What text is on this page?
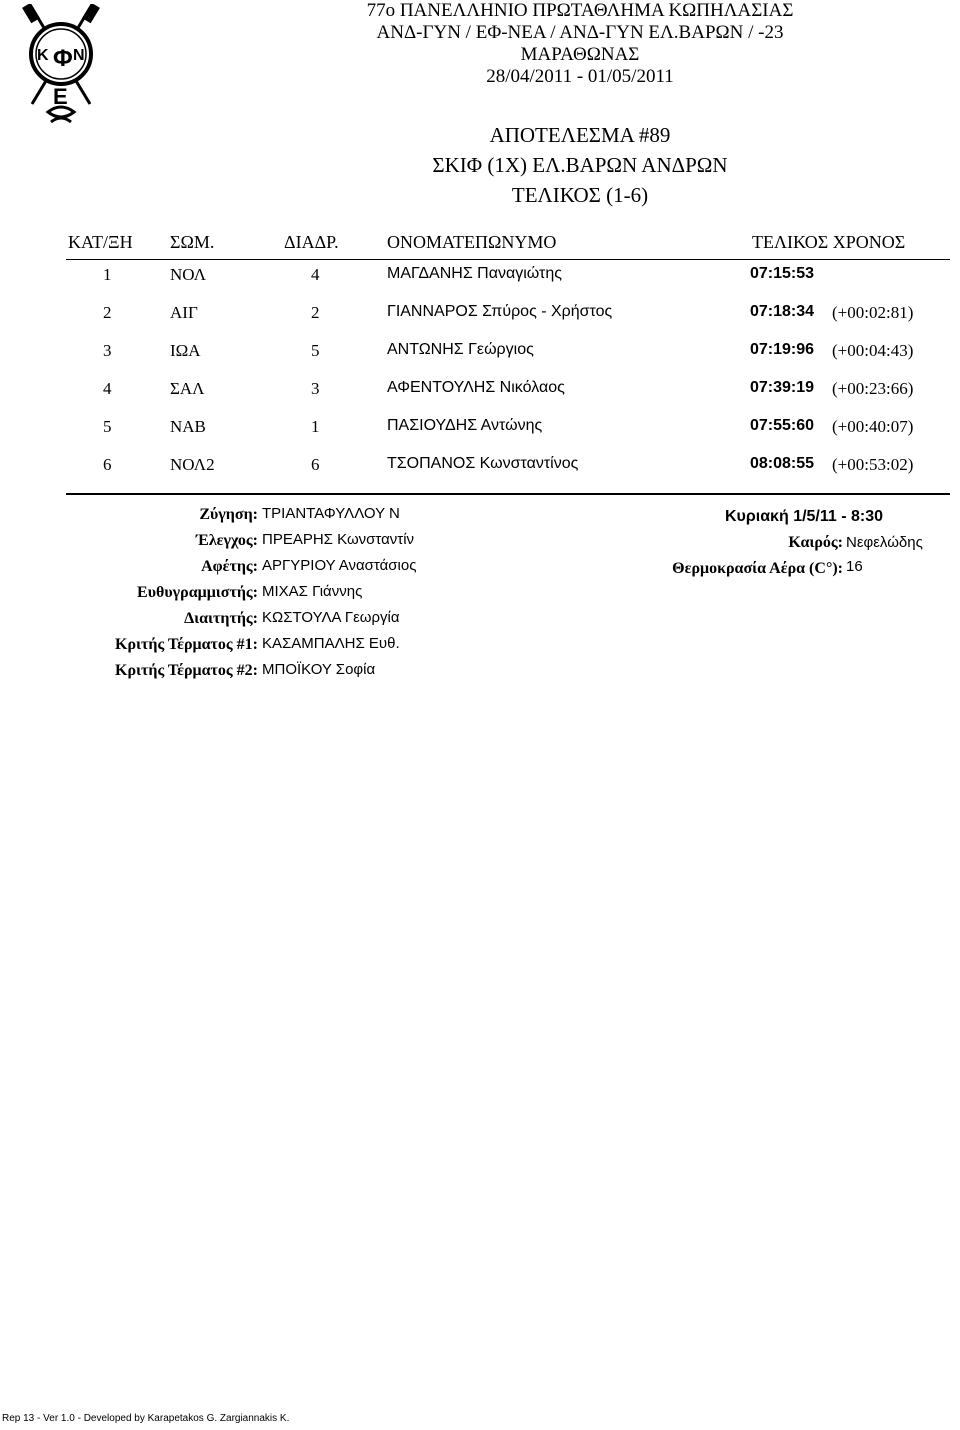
Κ Φ Ν
Ε
77ο ΠΑΝΕΛΛΗΝΙΟ ΠΡΩΤΑΘΛΗΜΑ ΚΩΠΗΛΑΣΙΑΣ
ΑΝΔ-ΓΥΝ / ΕΦ-ΝΕΑ / ΑΝΔ-ΓΥΝ ΕΛ.ΒΑΡΩΝ / -23
ΜΑΡΑΘΩΝΑΣ
28/04/2011 - 01/05/2011
ΑΠΟΤΕΛΕΣΜΑ #89
ΣΚΙΦ (1Χ) ΕΛ.ΒΑΡΩΝ ΑΝΔΡΩΝ
ΤΕΛΙΚΟΣ (1-6)
ΚΑΤ/ΞΗ ΣΩΜ.	ΔΙΑΔΡ.	ΟΝΟΜΑΤΕΠΩΝΥΜΟ	ΤΕΛΙΚΟΣ ΧΡΟΝΟΣ
1	ΝΟΛ	4	ΜΑΓΔΑΝΗΣ Παναγιώτης	07:15:53
2	ΑΙΓ	2	ΓΙΑΝΝΑΡΟΣ Σπύρος - Χρήστος	07:18:34 (+00:02:81)
3	ΙΩΑ	5	ΑΝΤΩΝΗΣ Γεώργιος	07:19:96 (+00:04:43)
4	ΣΑΛ	3	ΑΦΕΝΤΟΥΛΗΣ Νικόλαος	07:39:19 (+00:23:66)
5	ΝΑΒ	1	ΠΑΣΙΟΥΔΗΣ Αντώνης	07:55:60 (+00:40:07)
6	ΝΟΛ2	6	ΤΣΟΠΑΝΟΣ Κωνσταντίνος	08:08:55 (+00:53:02)
Ζύγηση: ΤΡΙΑΝΤΑΦΥΛΛΟΥ Ν
Έλεγχος: ΠΡΕΑΡΗΣ Κωνσταντίν
Αφέτης: ΑΡΓΥΡΙΟΥ Αναστάσιος
Ευθυγραμμιστής: ΜΙΧΑΣ Γιάννης
Διαιτητής: ΚΩΣΤΟΥΛΑ Γεωργία
Κριτής Τέρματος #1: ΚΑΣΑΜΠΑΛΗΣ Ευθ.
Κριτής Τέρματος #2: ΜΠΟΪΚΟΥ Σοφία
Κυριακή 1/5/11 - 8:30
Καιρός: Νεφελώδης
Θερμοκρασία Αέρα (C°): 16
Rep 13 - Ver 1.0 - Developed by Karapetakos G. Zargiannakis K.
